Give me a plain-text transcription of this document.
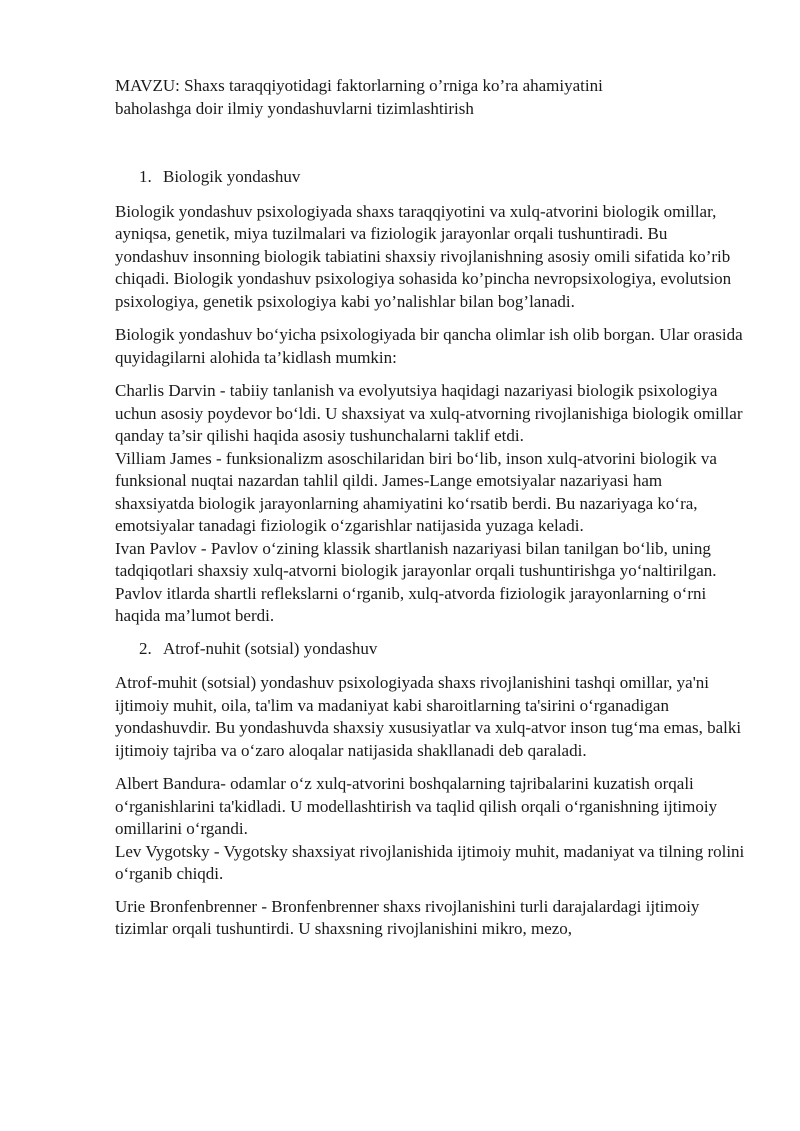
MAVZU: Shaxs taraqqiyotidagi faktorlarning o’rniga ko’ra ahamiyatini
baholashga doir ilmiy yondashuvlarni tizimlashtirish
1. Biologik yondashuv

Biologik yondashuv psixologiyada shaxs taraqqiyotini va xulq-atvorini biologik omillar, ayniqsa, genetik, miya tuzilmalari va fiziologik jarayonlar orqali tushuntiradi. Bu yondashuv insonning biologik tabiatini shaxsiy rivojlanishning asosiy omili sifatida ko’rib chiqadi. Biologik yondashuv psixologiya sohasida ko’pincha nevropsixologiya, evolutsion psixologiya, genetik psixologiya kabi yo’nalishlar bilan bog’lanadi.

Biologik yondashuv bo‘yicha psixologiyada bir qancha olimlar ish olib borgan. Ular orasida quyidagilarni alohida ta’kidlash mumkin:

Charlis Darvin - tabiiy tanlanish va evolyutsiya haqidagi nazariyasi biologik psixologiya uchun asosiy poydevor bo‘ldi. U shaxsiyat va xulq-atvorning rivojlanishiga biologik omillar qanday ta’sir qilishi haqida asosiy tushunchalarni taklif etdi.

Villiam James - funksionalizm asoschilaridan biri bo‘lib, inson xulq-atvorini biologik va funksional nuqtai nazardan tahlil qildi. James-Lange emotsiyalar nazariyasi ham shaxsiyatda biologik jarayonlarning ahamiyatini ko‘rsatib berdi. Bu nazariyaga ko‘ra, emotsiyalar tanadagi fiziologik o‘zgarishlar natijasida yuzaga keladi.

Ivan Pavlov - Pavlov o‘zining klassik shartlanish nazariyasi bilan tanilgan bo‘lib, uning tadqiqotlari shaxsiy xulq-atvorni biologik jarayonlar orqali tushuntirishga yo‘naltirilgan. Pavlov itlarda shartli reflekslarni o‘rganib, xulq-atvorda fiziologik jarayonlarning o‘rni haqida ma’lumot berdi.

2. Atrof-nuhit (sotsial) yondashuv

Atrof-muhit (sotsial) yondashuv psixologiyada shaxs rivojlanishini tashqi omillar, ya'ni ijtimoiy muhit, oila, ta'lim va madaniyat kabi sharoitlarning ta'sirini o‘rganadigan yondashuvdir. Bu yondashuvda shaxsiy xususiyatlar va xulq-atvor inson tug‘ma emas, balki ijtimoiy tajriba va o‘zaro aloqalar natijasida shakllanadi deb qaraladi.

Albert Bandura- odamlar o‘z xulq-atvorini boshqalarning tajribalarini kuzatish orqali o‘rganishlarini ta'kidladi. U modellashtirish va taqlid qilish orqali o‘rganishning ijtimoiy omillarini o‘rgandi.

Lev Vygotsky - Vygotsky shaxsiyat rivojlanishida ijtimoiy muhit, madaniyat va tilning rolini o‘rganib chiqdi.

Urie Bronfenbrenner - Bronfenbrenner shaxs rivojlanishini turli darajalardagi ijtimoiy tizimlar orqali tushuntirdi. U shaxsning rivojlanishini mikro, mezo,
